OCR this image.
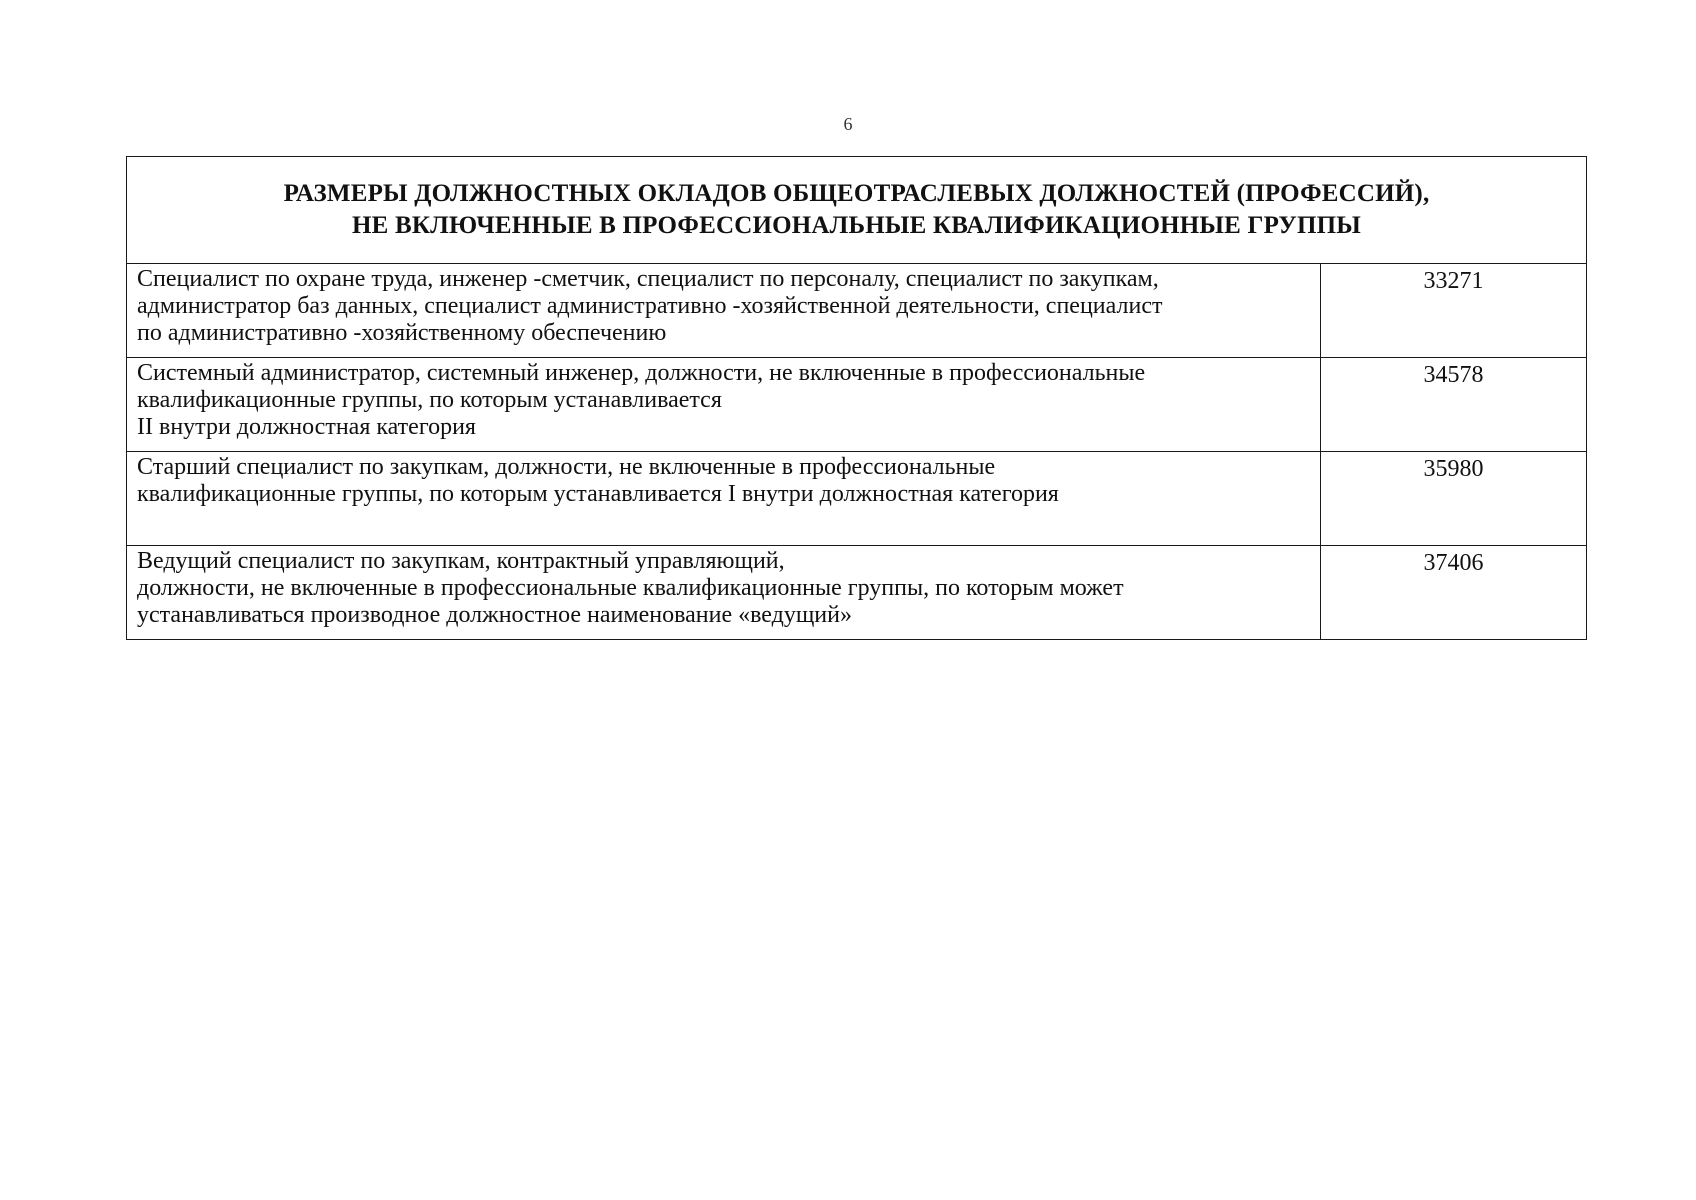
6
РАЗМЕРЫ ДОЛЖНОСТНЫХ ОКЛАДОВ ОБЩЕОТРАСЛЕВЫХ ДОЛЖНОСТЕЙ (ПРОФЕССИЙ),
НЕ ВКЛЮЧЕННЫЕ В ПРОФЕССИОНАЛЬНЫЕ КВАЛИФИКАЦИОННЫЕ ГРУППЫ	

Специалист по охране труда, инженер -сметчик, специалист по персоналу, специалист по закупкам,
администратор баз данных, специалист административно -хозяйственной деятельности, специалист
по административно -хозяйственному обеспечению	33271

Системный администратор, системный инженер, должности, не включенные в профессиональные
квалификационные группы, по которым устанавливается
II внутри должностная категория	34578

Старший специалист по закупкам, должности, не включенные в профессиональные
квалификационные группы, по которым устанавливается I внутри должностная категория	35980

Ведущий специалист по закупкам, контрактный управляющий,
должности, не включенные в профессиональные квалификационные группы, по которым может
устанавливаться производное должностное наименование «ведущий»	37406
